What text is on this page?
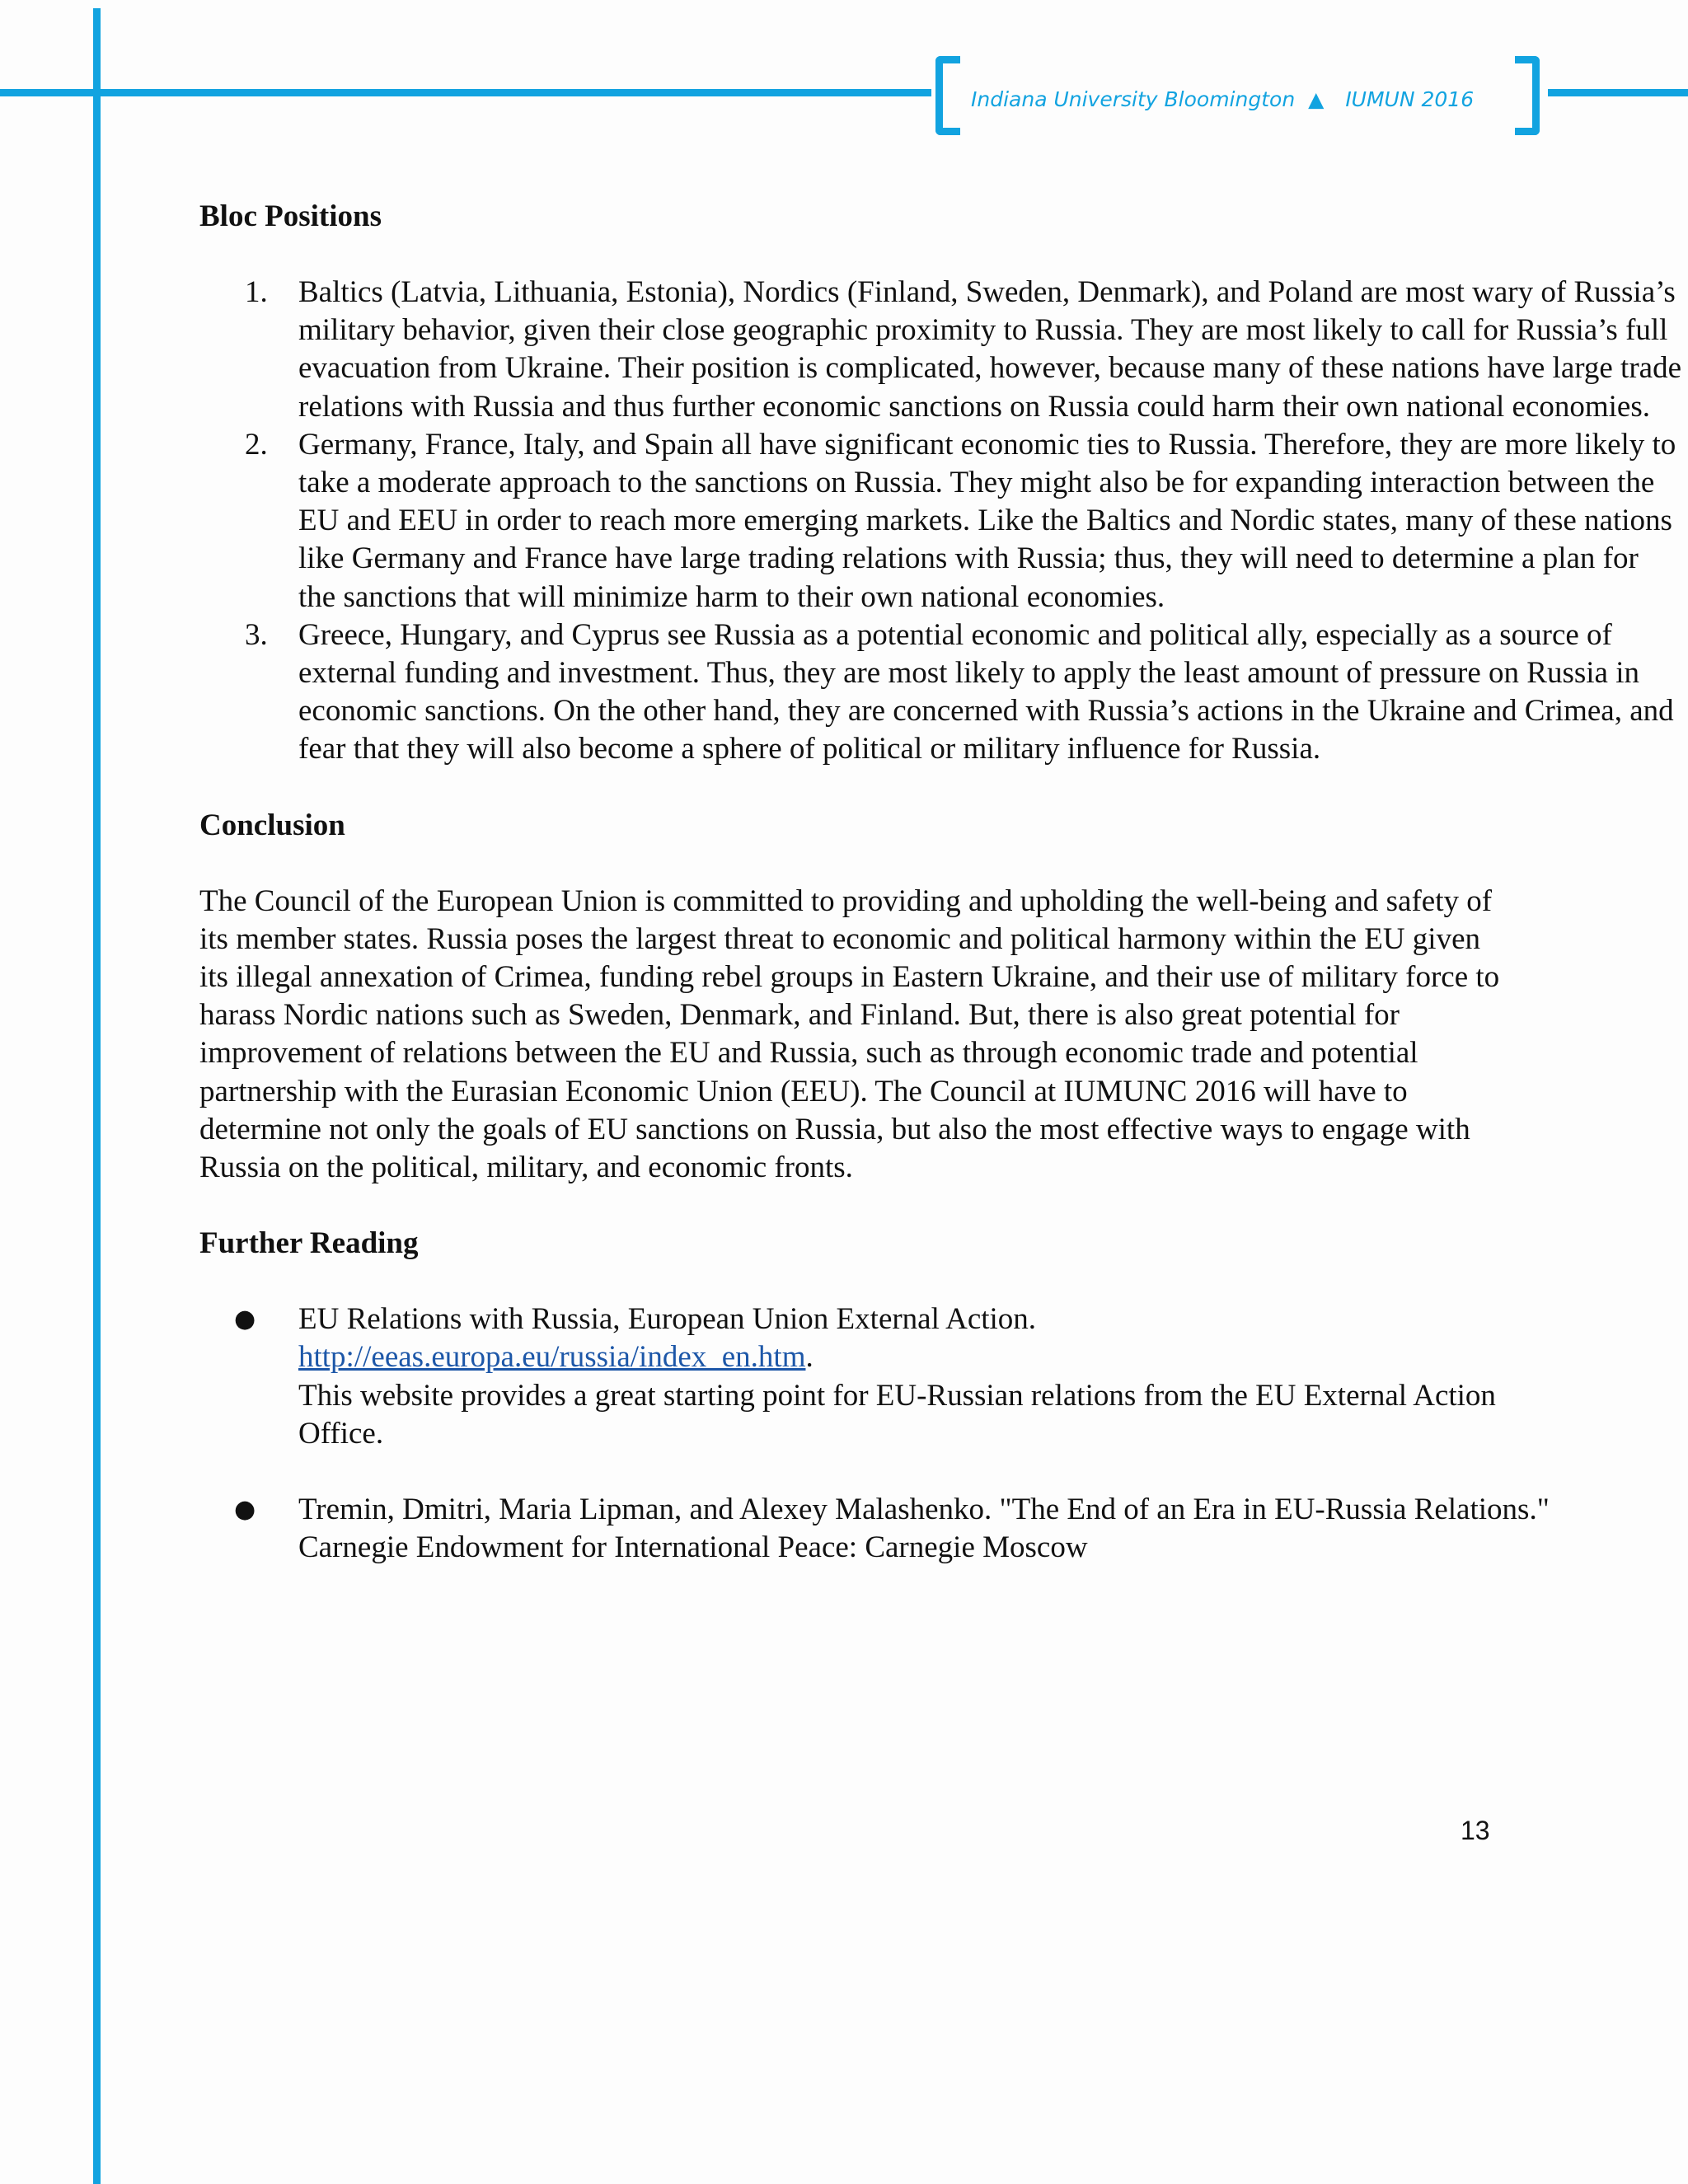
Indiana University Bloomington ▲ IUMUN 2016
Bloc Positions
1. Baltics (Latvia, Lithuania, Estonia), Nordics (Finland, Sweden, Denmark), and Poland are most wary of Russia’s military behavior, given their close geographic proximity to Russia. They are most likely to call for Russia’s full evacuation from Ukraine. Their position is complicated, however, because many of these nations have large trade relations with Russia and thus further economic sanctions on Russia could harm their own national economies.
2. Germany, France, Italy, and Spain all have significant economic ties to Russia. Therefore, they are more likely to take a moderate approach to the sanctions on Russia. They might also be for expanding interaction between the EU and EEU in order to reach more emerging markets. Like the Baltics and Nordic states, many of these nations like Germany and France have large trading relations with Russia; thus, they will need to determine a plan for the sanctions that will minimize harm to their own national economies.
3. Greece, Hungary, and Cyprus see Russia as a potential economic and political ally, especially as a source of external funding and investment. Thus, they are most likely to apply the least amount of pressure on Russia in economic sanctions. On the other hand, they are concerned with Russia’s actions in the Ukraine and Crimea, and fear that they will also become a sphere of political or military influence for Russia.
Conclusion

The Council of the European Union is committed to providing and upholding the well-being and safety of its member states. Russia poses the largest threat to economic and political harmony within the EU given its illegal annexation of Crimea, funding rebel groups in Eastern Ukraine, and their use of military force to harass Nordic nations such as Sweden, Denmark, and Finland. But, there is also great potential for improvement of relations between the EU and Russia, such as through economic trade and potential partnership with the Eurasian Economic Union (EEU). The Council at IUMUNC 2016 will have to determine not only the goals of EU sanctions on Russia, but also the most effective ways to engage with Russia on the political, military, and economic fronts.

Further Reading
● EU Relations with Russia, European Union External Action.
http://eeas.europa.eu/russia/index_en.htm.
This website provides a great starting point for EU-Russian relations from the EU External Action Office.
● Tremin, Dmitri, Maria Lipman, and Alexey Malashenko. "The End of an Era in EU-Russia Relations." Carnegie Endowment for International Peace: Carnegie Moscow
13
